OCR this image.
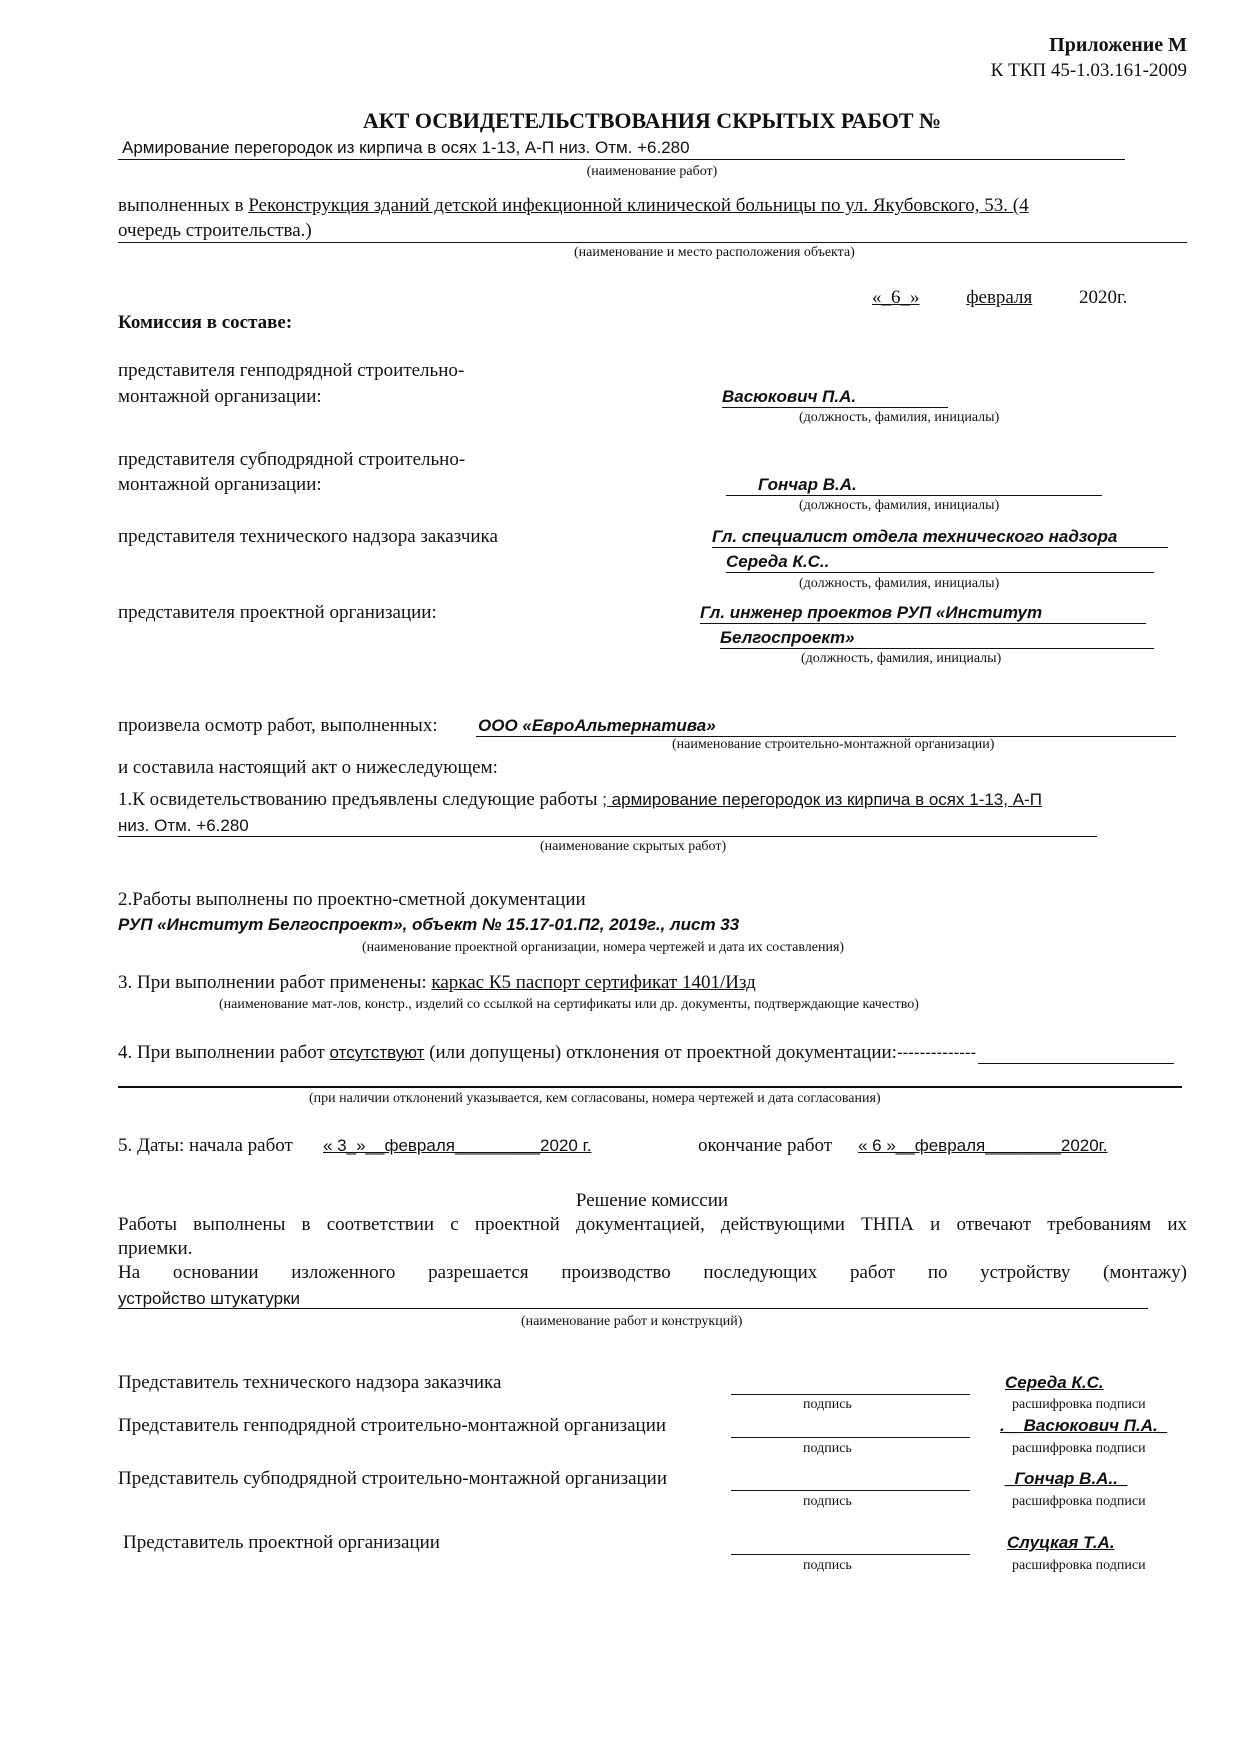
Приложение М
К ТКП 45-1.03.161-2009
АКТ ОСВИДЕТЕЛЬСТВОВАНИЯ СКРЫТЫХ РАБОТ №
Армирование перегородок из кирпича в осях 1-13, А-П низ. Отм. +6.280
(наименование работ)
выполненных в Реконструкция зданий детской инфекционной клинической больницы по ул. Якубовского, 53. (4
очередь строительства.)
(наименование и место расположения объекта)
«_6_» февраля 2020г.
Комиссия в составе:
представителя генподрядной строительно-
монтажной организации:	Васюкович П.А.
(должность, фамилия, инициалы)
представителя субподрядной строительно-
монтажной организации:	Гончар В.А.
(должность, фамилия, инициалы)
представителя технического надзора заказчика	Гл. специалист отдела технического надзора
Середа К.С..
(должность, фамилия, инициалы)
представителя проектной организации:	Гл. инженер проектов РУП «Институт
Белгоспроект»
(должность, фамилия, инициалы)
произвела осмотр работ, выполненных: ООО «ЕвроАльтернатива»
(наименование строительно-монтажной организации)
и составила настоящий акт о нижеследующем:
1.К освидетельствованию предъявлены следующие работы ; армирование перегородок из кирпича в осях 1-13, А-П
низ. Отм. +6.280
(наименование скрытых работ)
2.Работы выполнены по проектно-сметной документации
РУП «Институт Белгоспроект», объект № 15.17-01.П2, 2019г., лист 33
(наименование проектной организации, номера чертежей и дата их составления)
3. При выполнении работ применены: каркас К5 паспорт сертификат 1401/Изд
(наименование мат-лов, констр., изделий со ссылкой на сертификаты или др. документы, подтверждающие качество)
4. При выполнении работ отсутствуют (или допущены) отклонения от проектной документации:--------------
(при наличии отклонений указывается, кем согласованы, номера чертежей и дата согласования)
5. Даты: начала работ « 3_»__февраля_________2020 г.	окончание работ « 6 »__февраля________2020г.
Решение комиссии
Работы выполнены в соответствии с проектной документацией, действующими ТНПА и отвечают требованиям их
приемки.
На основании изложенного разрешается производство последующих работ по устройству (монтажу)
устройство штукатурки
(наименование работ и конструкций)
Представитель технического надзора заказчика	Середа К.С.
подпись	расшифровка подписи
Представитель генподрядной строительно-монтажной организации	.__Васюкович П.А._
подпись	расшифровка подписи
Представитель субподрядной строительно-монтажной организации	_Гончар В.А.._
подпись	расшифровка подписи
Представитель проектной организации	Слуцкая Т.А.
подпись	расшифровка подписи
